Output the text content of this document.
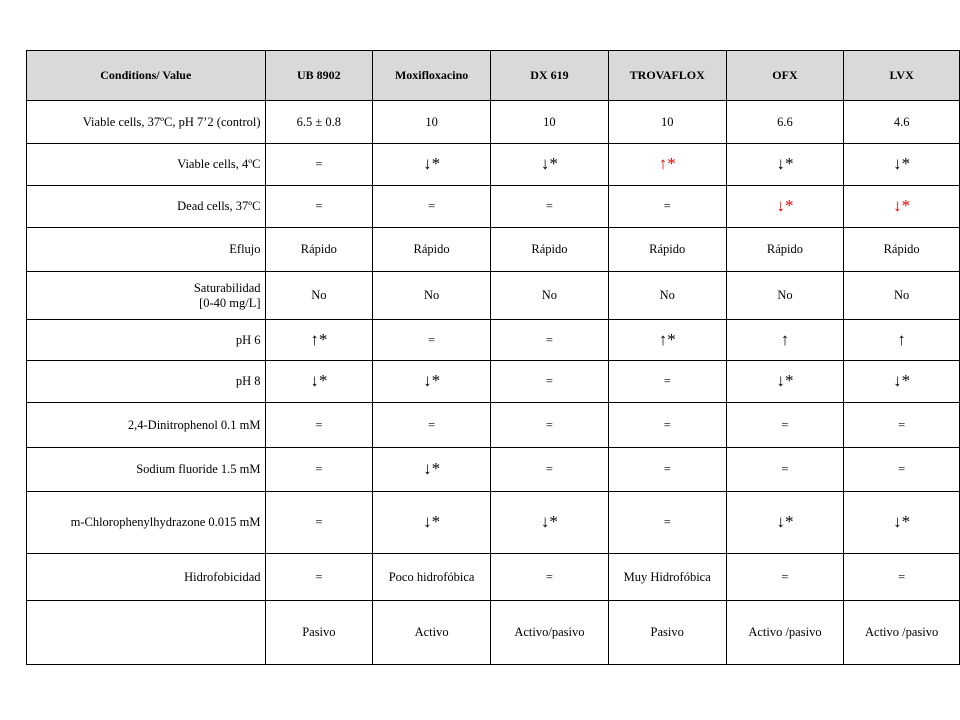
Conditions/ Value	UB 8902	Moxifloxacino	DX 619	TROVAFLOX	OFX	LVX

Viable cells, 37ºC, pH 7’2 (control)	6.5 ± 0.8	10	10	10	6.6	4.6

Viable cells, 4ºC	=	↓*	↓*	↑*	↓*	↓*

Dead cells, 37ºC	=	=	=	=	↓*	↓*

Eflujo	Rápido	Rápido	Rápido	Rápido	Rápido	Rápido

Saturabilidad
[0-40 mg/L]	No	No	No	No	No	No

pH 6	↑*	=	=	↑*	↑	↑

pH 8	↓*	↓*	=	=	↓*	↓*

2,4-Dinitrophenol 0.1 mM	=	=	=	=	=	=

Sodium fluoride 1.5 mM	=	↓*	=	=	=	=

m-Chlorophenylhydrazone 0.015 mM	=	↓*	↓*	=	↓*	↓*

Hidrofobicidad	=	Poco hidrofóbica	=	Muy Hidrofóbica	=	=

	Pasivo	Activo	Activo/pasivo	Pasivo	Activo /pasivo	Activo /pasivo
